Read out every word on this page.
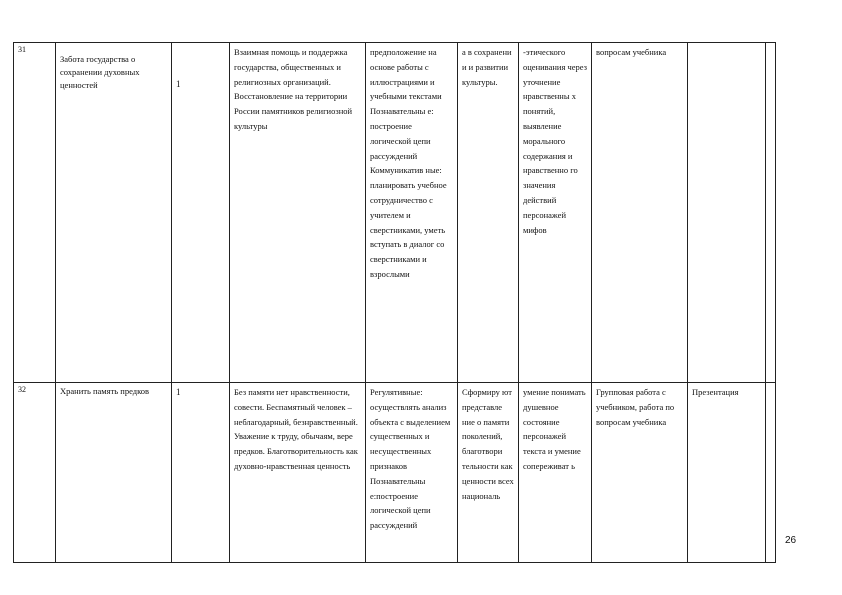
31	Забота государства о сохранении духовных ценностей	1	Взаимная помощь и поддержка государства, общественных и религиозных организаций. Восстановление на территории России памятников религиозной культуры	предположение на основе работы с иллюстрациями и учебными текстами Познавательны е: построение логической цепи рассуждений Коммуникатив ные: планировать учебное сотрудничество с учителем и сверстниками, уметь вступать в диалог со сверстниками и взрослыми	а в сохранени и и развитии культуры.	-этического оценивания через уточнение нравственны х понятий, выявление морального содержания и нравственно го значения действий персонажей мифов	вопросам учебника		
32	Хранить память предков	1	Без памяти нет нравственности, совести. Беспамятный человек – неблагодарный, безнравственный. Уважение к труду, обычаям, вере предков. Благотворительность как духовно-нравственная ценность	Регулятивные: осуществлять анализ объекта с выделением существенных и несущественных признаков Познавательны е:построение логической цепи рассуждений	Сформиру ют представле ние о памяти поколений, благотвори тельности как ценности всех националь	умение понимать душевное состояние персонажей текста и умение сопереживат ь	Групповая работа с учебником, работа по вопросам учебника	Презентация	
26
